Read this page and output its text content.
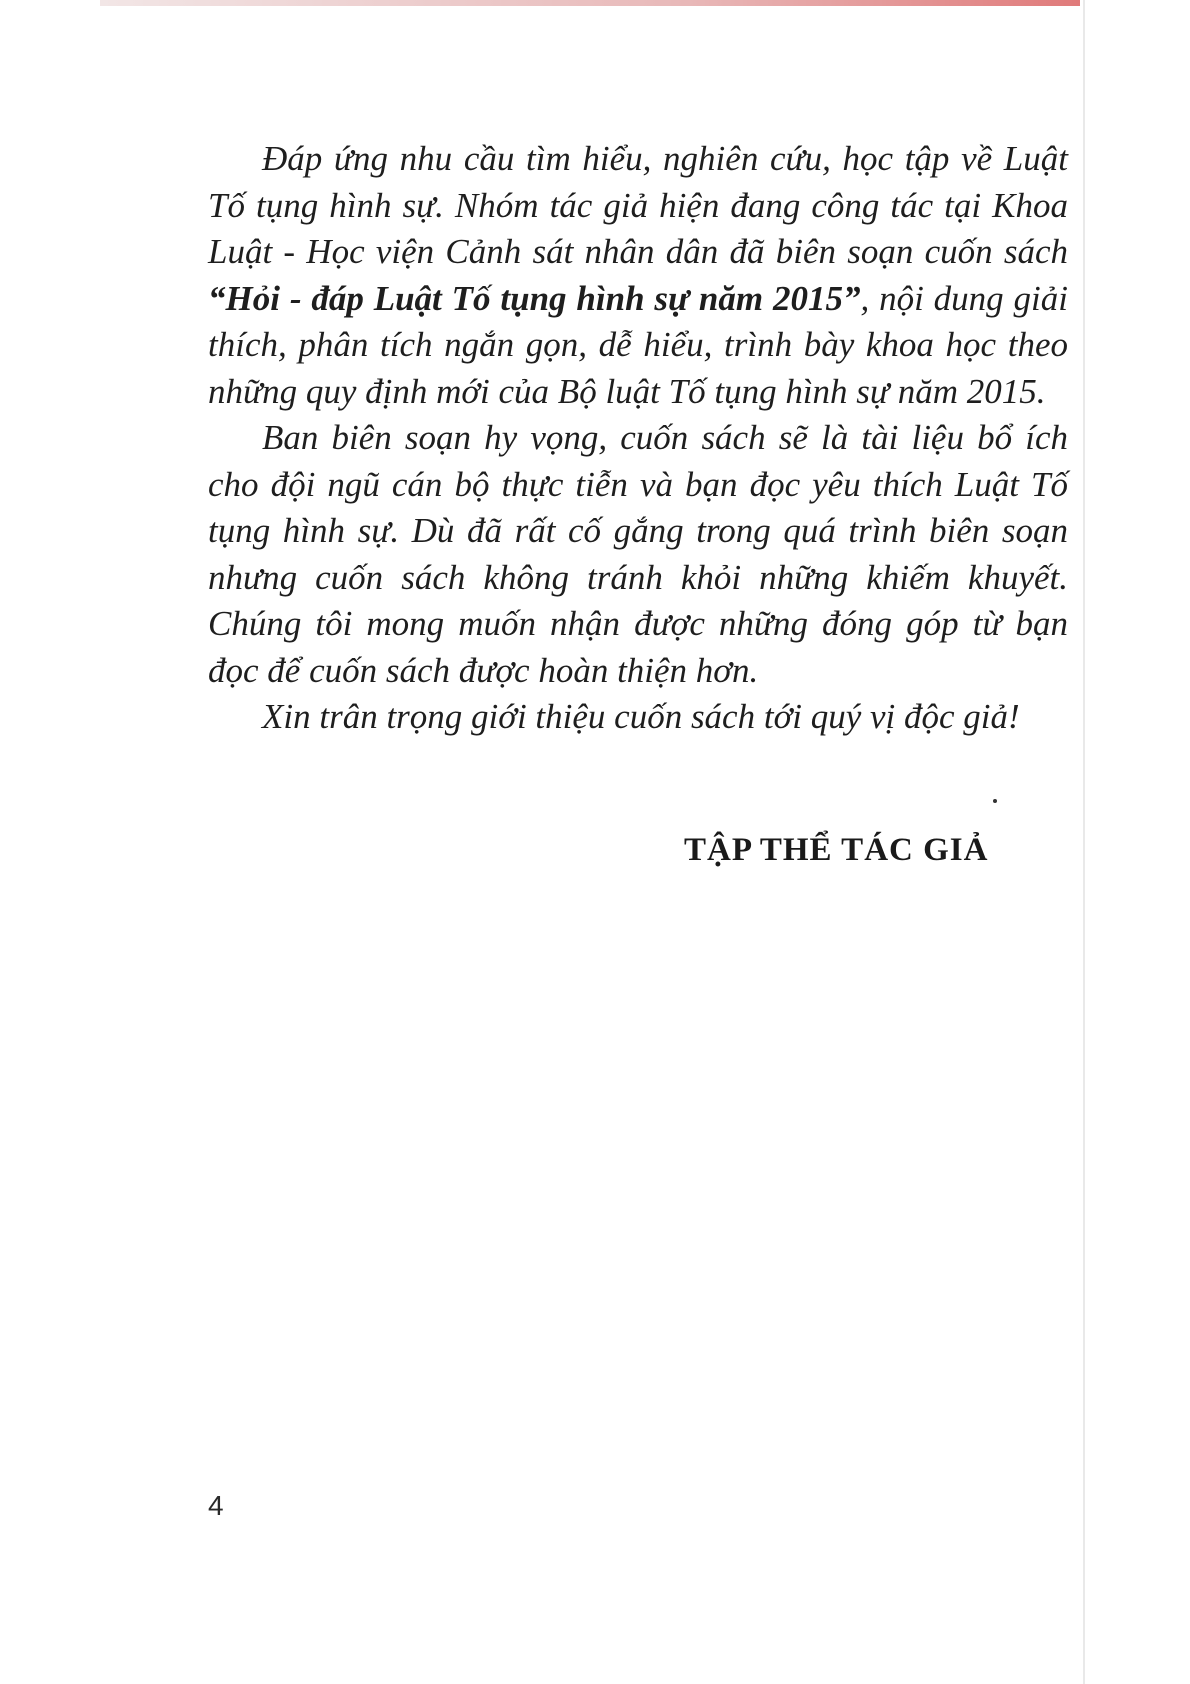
Đáp ứng nhu cầu tìm hiểu, nghiên cứu, học tập về Luật Tố tụng hình sự. Nhóm tác giả hiện đang công tác tại Khoa Luật - Học viện Cảnh sát nhân dân đã biên soạn cuốn sách “Hỏi - đáp Luật Tố tụng hình sự năm 2015”, nội dung giải thích, phân tích ngắn gọn, dễ hiểu, trình bày khoa học theo những quy định mới của Bộ luật Tố tụng hình sự năm 2015.

Ban biên soạn hy vọng, cuốn sách sẽ là tài liệu bổ ích cho đội ngũ cán bộ thực tiễn và bạn đọc yêu thích Luật Tố tụng hình sự. Dù đã rất cố gắng trong quá trình biên soạn nhưng cuốn sách không tránh khỏi những khiếm khuyết. Chúng tôi mong muốn nhận được những đóng góp từ bạn đọc để cuốn sách được hoàn thiện hơn.

Xin trân trọng giới thiệu cuốn sách tới quý vị độc giả!

TẬP THỂ TÁC GIẢ
4
